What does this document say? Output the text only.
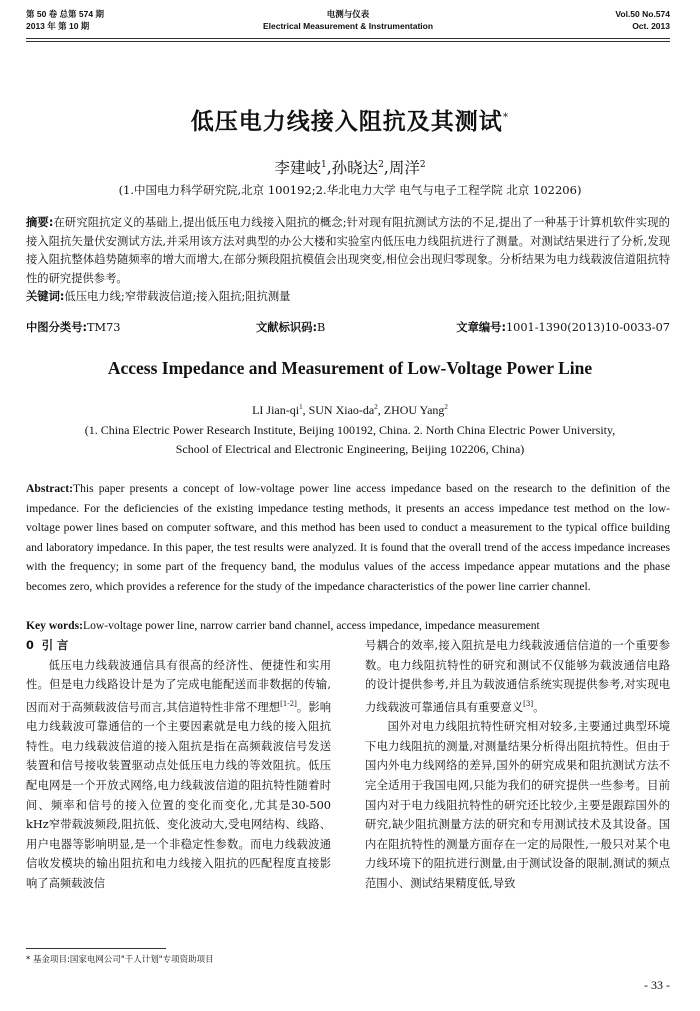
第 50 卷 总第 574 期
2013 年 第 10 期
电测与仪表
Electrical Measurement & Instrumentation
Vol.50 No.574
Oct. 2013
低压电力线接入阻抗及其测试*
李建岐$^1$,孙晓达$^2$,周洋$^2$
(1.中国电力科学研究院,北京 100192;2.华北电力大学 电气与电子工程学院 北京 102206)
摘要:在研究阻抗定义的基础上,提出低压电力线接入阻抗的概念;针对现有阻抗测试方法的不足,提出了一种基于计算机软件实现的接入阻抗矢量伏安测试方法,并采用该方法对典型的办公大楼和实验室内低压电力线阻抗进行了测量。对测试结果进行了分析,发现接入阻抗整体趋势随频率的增大而增大,在部分频段阻抗模值会出现突变,相位会出现归零现象。分析结果为电力线载波信道阻抗特性的研究提供参考。
关键词:低压电力线;窄带载波信道;接入阻抗;阻抗测量
中图分类号:TM73	文献标识码:B	文章编号:1001-1390(2013)10-0033-07
Access Impedance and Measurement of Low-Voltage Power Line
LI Jian-$qi^1$, SUN Xiao-$da^2$, ZHOU Yang$^2$
(1. China Electric Power Research Institute, Beijing 100192, China. 2. North China Electric Power University,
School of Electrical and Electronic Engineering, Beijing 102206, China)
Abstract:This paper presents a concept of low-voltage power line access impedance based on the research to the definition of the impedance. For the deficiencies of the existing impedance testing methods, it presents an access impedance test method on the low-voltage power lines based on computer software, and this method has been used to conduct a measurement to the typical office building and laboratory impedance. In this paper, the test results were analyzed. It is found that the overall trend of the access impedance increases with the frequency; in some part of the frequency band, the modulus values of the access impedance appear mutations and the phase becomes zero, which provides a reference for the study of the impedance characteristics of the power line carrier channel.
Key words:Low-voltage power line, narrow carrier band channel, access impedance, impedance measurement

0 引 言

低压电力线载波通信具有很高的经济性、便捷性和实用性。但是电力线路设计是为了完成电能配送而非数据的传输,因而对于高频载波信号而言,其信道特性非常不理想[1-2]。影响电力线载波可靠通信的一个主要因素就是电力线的接入阻抗特性。电力线载波信道的接入阻抗是指在高频载波信号发送装置和信号接收装置驱动点处低压电力线的等效阻抗。低压配电网是一个开放式网络,电力线载波信道的阻抗特性随着时间、频率和信号的接入位置的变化而变化,尤其是30-500 kHz窄带载波频段,阻抗低、变化波动大,受电网结构、线路、用户电器等影响明显,是一个非稳定性参数。而电力线载波通信收发模块的输出阻抗和电力线接入阻抗的匹配程度直接影响了高频载波信

号耦合的效率,接入阻抗是电力线载波通信信道的一个重要参数。电力线阻抗特性的研究和测试不仅能够为载波通信电路的设计提供参考,并且为载波通信系统实现提供参考,对实现电力线载波可靠通信具有重要意义[3]。

国外对电力线阻抗特性研究相对较多,主要通过典型环境下电力线阻抗的测量,对测量结果分析得出阻抗特性。但由于国内外电力线网络的差异,国外的研究成果和阻抗测试方法不完全适用于我国电网,只能为我们的研究提供一些参考。目前国内对于电力线阻抗特性的研究还比较少,主要是跟踪国外的研究,缺少阻抗测量方法的研究和专用测试技术及其设备。国内在阻抗特性的测量方面存在一定的局限性,一般只对某个电力线环境下的阻抗进行测量,由于测试设备的限制,测试的频点范围小、测试结果精度低,导致

* 基金项目:国家电网公司"千人计划"专项资助项目
- 33 -
